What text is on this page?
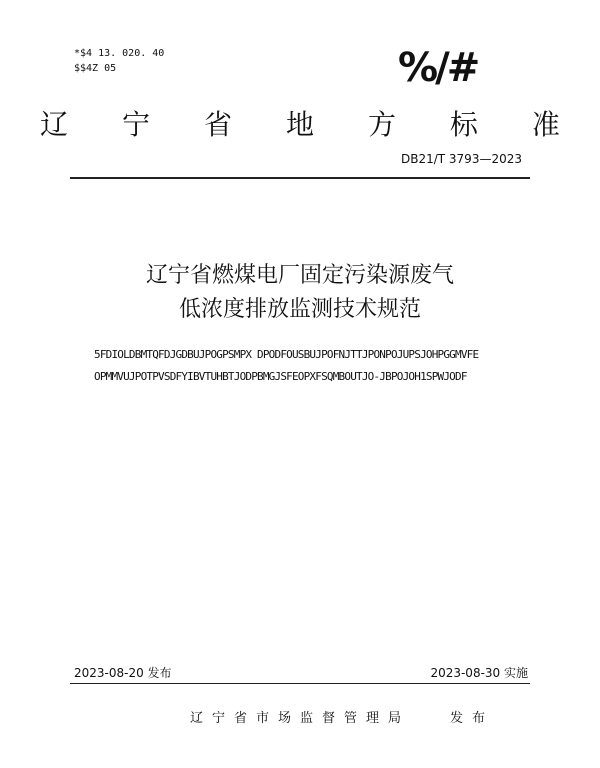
*$4 13. 020. 40
$$4Z 05	%/#
辽 宁 省 地 方 标 准
DB21/T 3793—2023
辽宁省燃煤电厂固定污染源废气
低浓度排放监测技术规范
5FDIOLDBMTQFDJGDBUJPOGPSMPX DPODFOUSBUJPOFNJTTJPONPOJUPSJOHPGGMVFE
OPMMVUJPOTPVSDFYIBVTUHBTJODPBMGJSFEOPXFSQMBOUTJO-JBPOJOH1SPWJODF
2023-08-20 发布	2023-08-30 实施
辽宁省市场监督管理局	发布
